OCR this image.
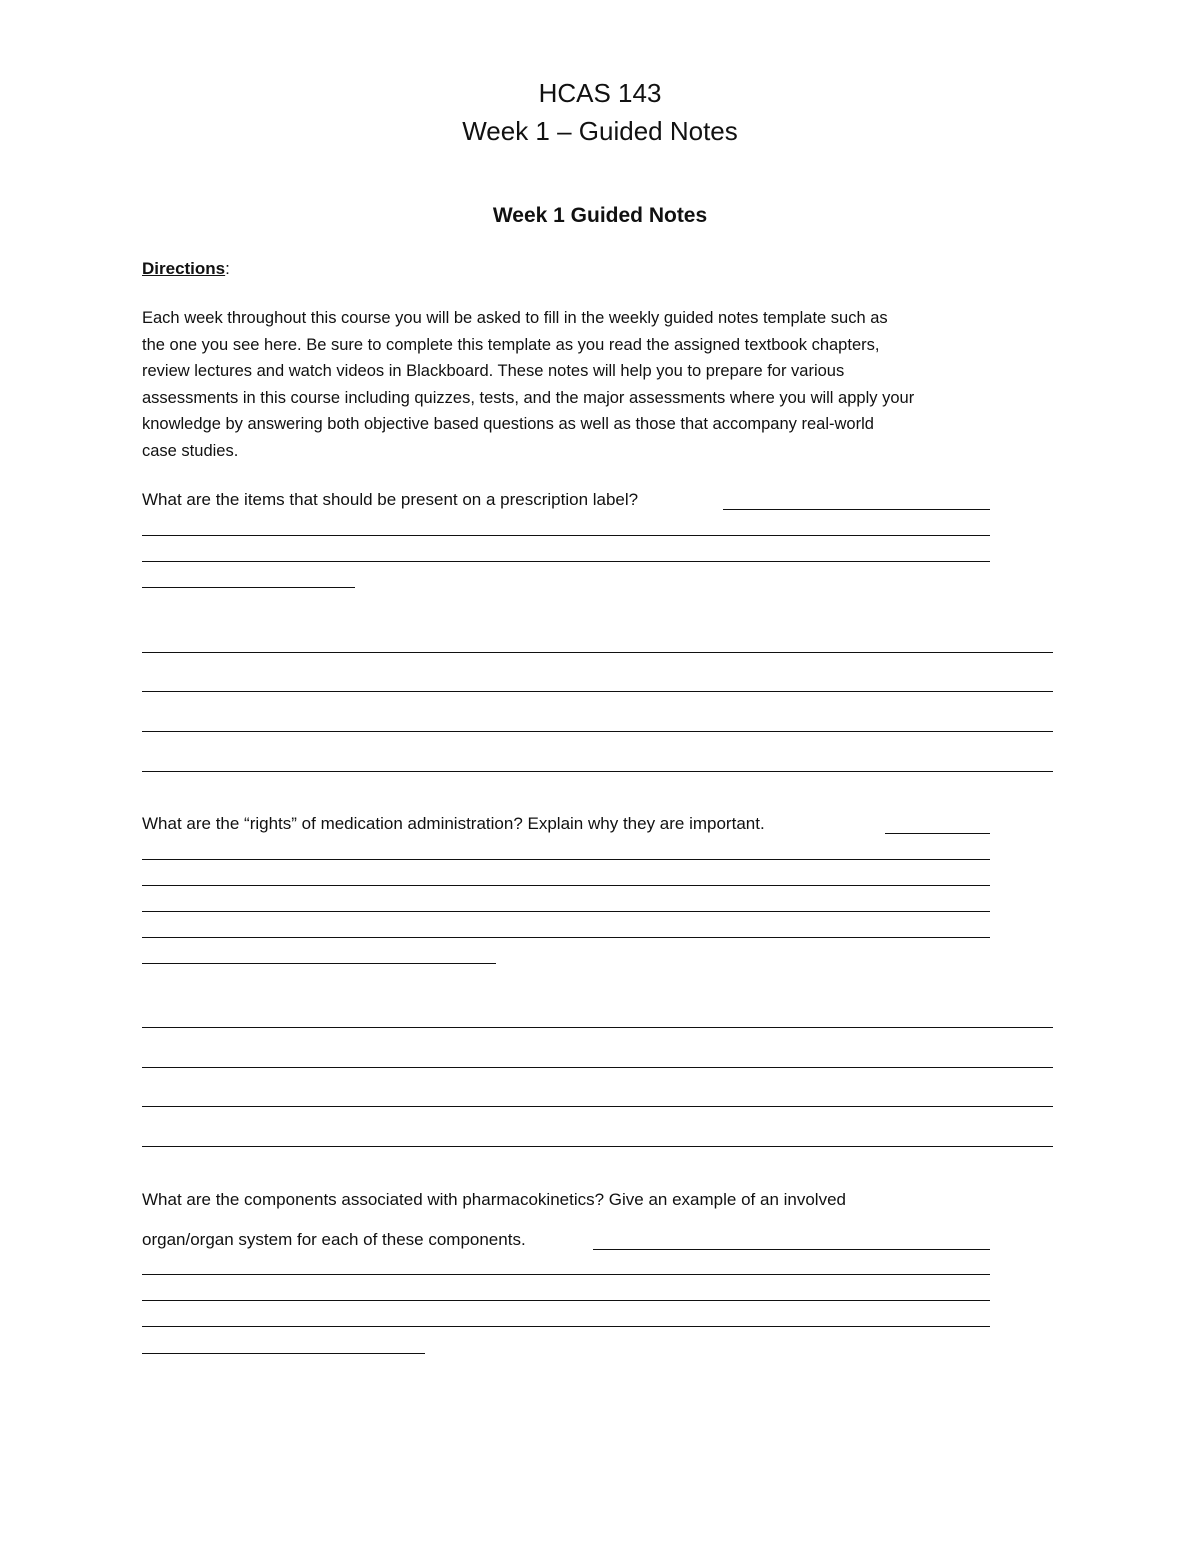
HCAS 143
Week 1 – Guided Notes
Week 1 Guided Notes
Directions:
Each week throughout this course you will be asked to fill in the weekly guided notes template such as
the one you see here. Be sure to complete this template as you read the assigned textbook chapters,
review lectures and watch videos in Blackboard. These notes will help you to prepare for various
assessments in this course including quizzes, tests, and the major assessments where you will apply your
knowledge by answering both objective based questions as well as those that accompany real-world
case studies.
What are the items that should be present on a prescription label?
What are the “rights” of medication administration? Explain why they are important.
What are the components associated with pharmacokinetics? Give an example of an involved
organ/organ system for each of these components.
